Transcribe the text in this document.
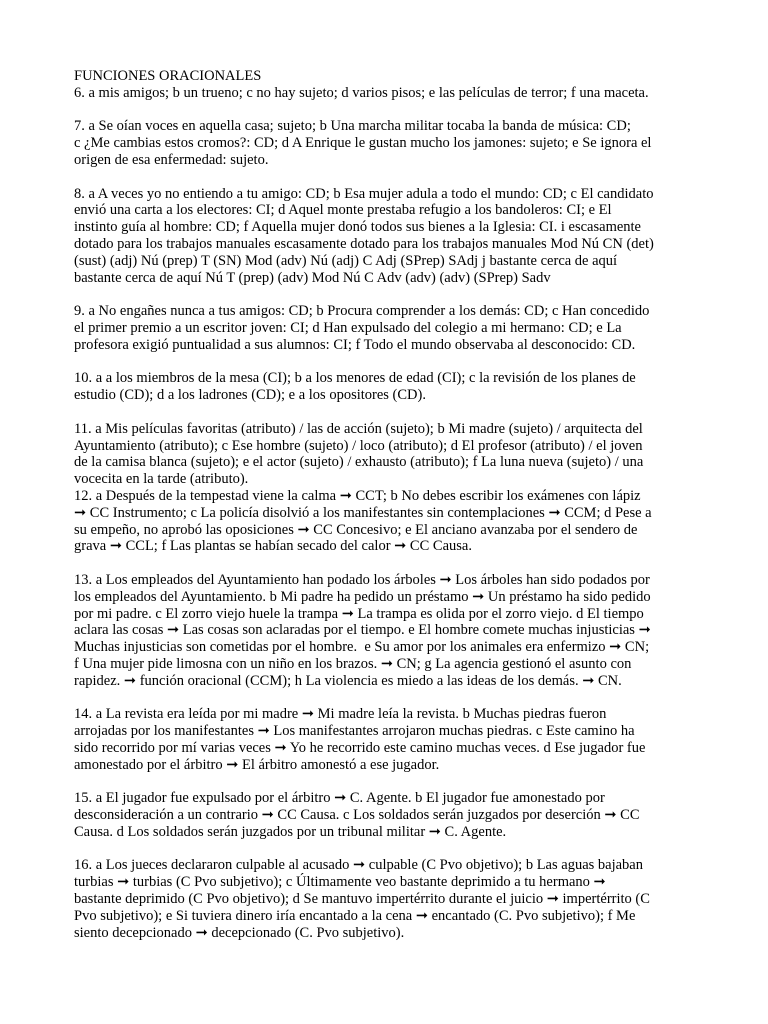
FUNCIONES ORACIONALES
6. a mis amigos; b un trueno; c no hay sujeto; d varios pisos; e las películas de terror; f una maceta.
7. a Se oían voces en aquella casa; sujeto; b Una marcha militar tocaba la banda de música: CD;
c ¿Me cambias estos cromos?: CD; d A Enrique le gustan mucho los jamones: sujeto; e Se ignora el
origen de esa enfermedad: sujeto.
8. a A veces yo no entiendo a tu amigo: CD; b Esa mujer adula a todo el mundo: CD; c El candidato
envió una carta a los electores: CI; d Aquel monte prestaba refugio a los bandoleros: CI; e El
instinto guía al hombre: CD; f Aquella mujer donó todos sus bienes a la Iglesia: CI. i escasamente
dotado para los trabajos manuales escasamente dotado para los trabajos manuales Mod Nú CN (det)
(sust) (adj) Nú (prep) T (SN) Mod (adv) Nú (adj) C Adj (SPrep) SAdj j bastante cerca de aquí
bastante cerca de aquí Nú T (prep) (adv) Mod Nú C Adv (adv) (adv) (SPrep) Sadv
9. a No engañes nunca a tus amigos: CD; b Procura comprender a los demás: CD; c Han concedido
el primer premio a un escritor joven: CI; d Han expulsado del colegio a mi hermano: CD; e La
profesora exigió puntualidad a sus alumnos: CI; f Todo el mundo observaba al desconocido: CD.
10. a a los miembros de la mesa (CI); b a los menores de edad (CI); c la revisión de los planes de
estudio (CD); d a los ladrones (CD); e a los opositores (CD).
11. a Mis películas favoritas (atributo) / las de acción (sujeto); b Mi madre (sujeto) / arquitecta del
Ayuntamiento (atributo); c Ese hombre (sujeto) / loco (atributo); d El profesor (atributo) / el joven
de la camisa blanca (sujeto); e el actor (sujeto) / exhausto (atributo); f La luna nueva (sujeto) / una
vocecita en la tarde (atributo).
12. a Después de la tempestad viene la calma ➞ CCT; b No debes escribir los exámenes con lápiz
➞ CC Instrumento; c La policía disolvió a los manifestantes sin contemplaciones ➞ CCM; d Pese a
su empeño, no aprobó las oposiciones ➞ CC Concesivo; e El anciano avanzaba por el sendero de
grava ➞ CCL; f Las plantas se habían secado del calor ➞ CC Causa.
13. a Los empleados del Ayuntamiento han podado los árboles ➞ Los árboles han sido podados por
los empleados del Ayuntamiento. b Mi padre ha pedido un préstamo ➞ Un préstamo ha sido pedido
por mi padre. c El zorro viejo huele la trampa ➞ La trampa es olida por el zorro viejo. d El tiempo
aclara las cosas ➞ Las cosas son aclaradas por el tiempo. e El hombre comete muchas injusticias ➞
Muchas injusticias son cometidas por el hombre.  e Su amor por los animales era enfermizo ➞ CN;
f Una mujer pide limosna con un niño en los brazos. ➞ CN; g La agencia gestionó el asunto con
rapidez. ➞ función oracional (CCM); h La violencia es miedo a las ideas de los demás. ➞ CN.
14. a La revista era leída por mi madre ➞ Mi madre leía la revista. b Muchas piedras fueron
arrojadas por los manifestantes ➞ Los manifestantes arrojaron muchas piedras. c Este camino ha
sido recorrido por mí varias veces ➞ Yo he recorrido este camino muchas veces. d Ese jugador fue
amonestado por el árbitro ➞ El árbitro amonestó a ese jugador.
15. a El jugador fue expulsado por el árbitro ➞ C. Agente. b El jugador fue amonestado por
desconsideración a un contrario ➞ CC Causa. c Los soldados serán juzgados por deserción ➞ CC
Causa. d Los soldados serán juzgados por un tribunal militar ➞ C. Agente.
16. a Los jueces declararon culpable al acusado ➞ culpable (C Pvo objetivo); b Las aguas bajaban
turbias ➞ turbias (C Pvo subjetivo); c Últimamente veo bastante deprimido a tu hermano ➞
bastante deprimido (C Pvo objetivo); d Se mantuvo impertérrito durante el juicio ➞ impertérrito (C
Pvo subjetivo); e Si tuviera dinero iría encantado a la cena ➞ encantado (C. Pvo subjetivo); f Me
siento decepcionado ➞ decepcionado (C. Pvo subjetivo).
